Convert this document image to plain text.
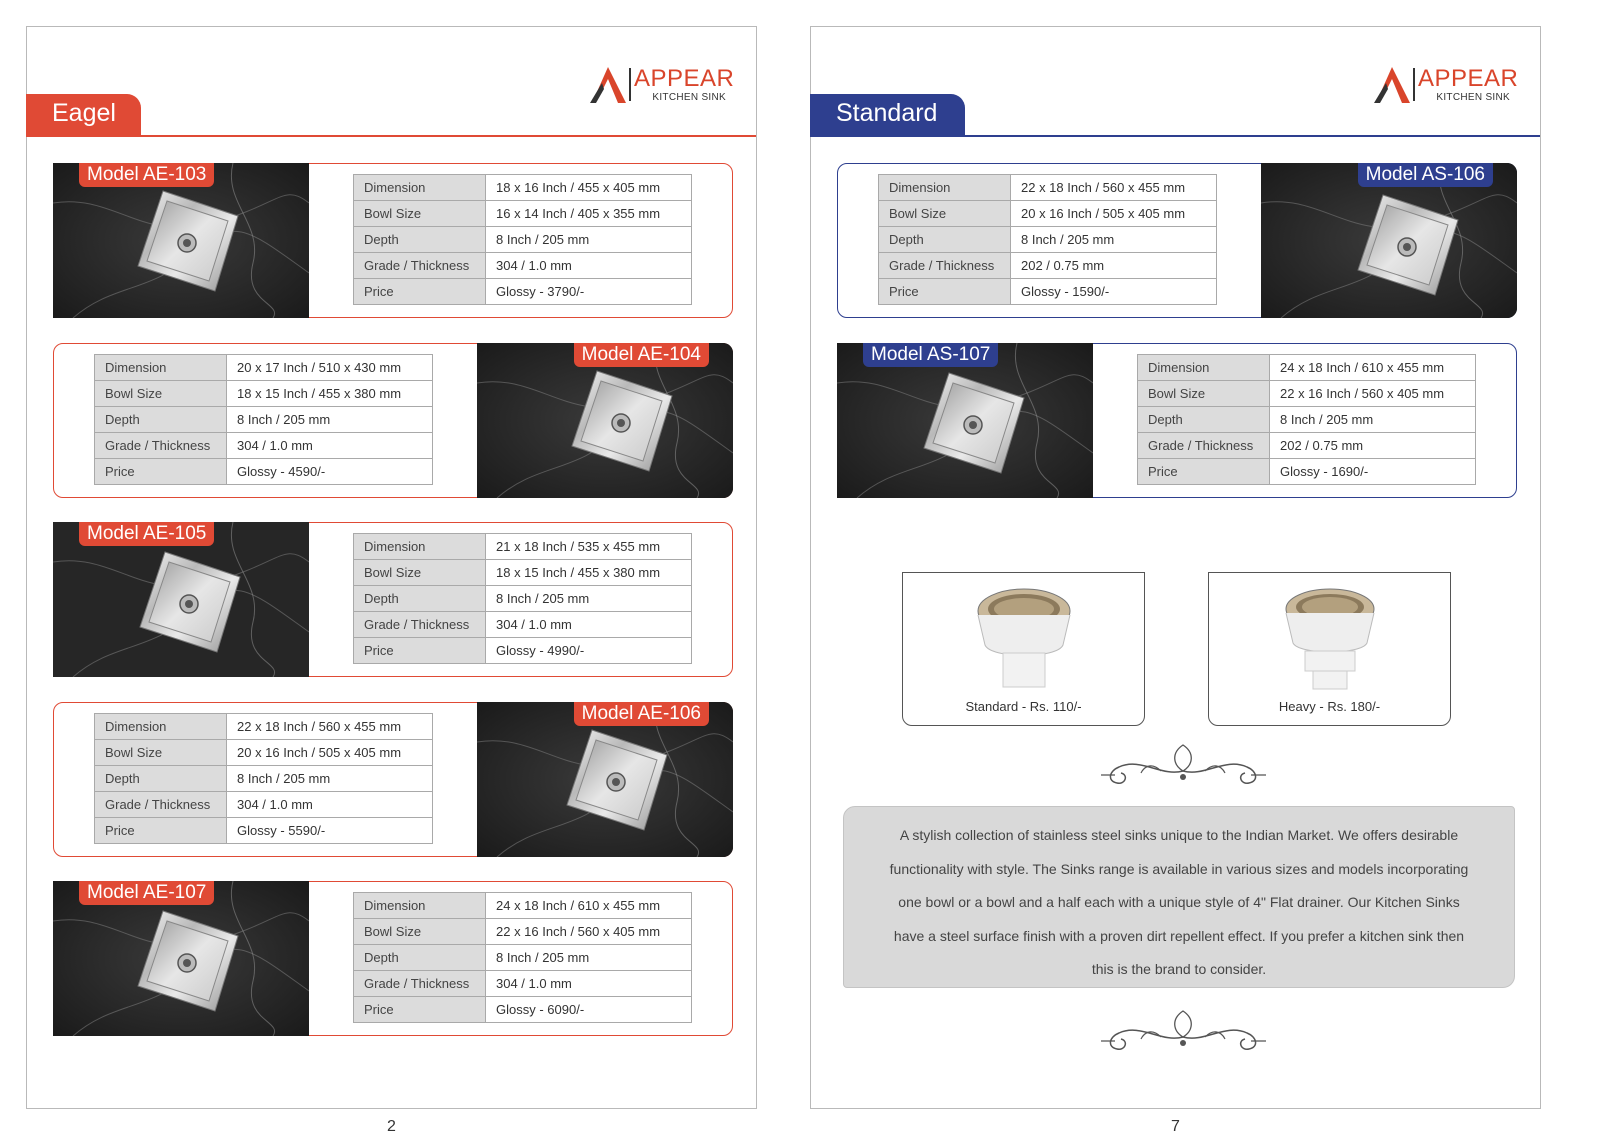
APPEAR
KITCHEN SINK
Eagel
Model AE-103
Dimension	18 x 16 Inch / 455 x 405 mm
Bowl Size	16 x 14 Inch / 405 x 355 mm
Depth	8 Inch / 205 mm
Grade / Thickness	304 / 1.0 mm
Price	Glossy - 3790/-
Dimension	20 x 17 Inch / 510 x 430 mm
Bowl Size	18 x 15 Inch / 455 x 380 mm
Depth	8 Inch / 205 mm
Grade / Thickness	304 / 1.0 mm
Price	Glossy - 4590/-
Model AE-104
Model AE-105
Dimension	21 x 18 Inch / 535 x 455 mm
Bowl Size	18 x 15 Inch / 455 x 380 mm
Depth	8 Inch / 205 mm
Grade / Thickness	304 / 1.0 mm
Price	Glossy - 4990/-
Dimension	22 x 18 Inch / 560 x 455 mm
Bowl Size	20 x 16 Inch / 505 x 405 mm
Depth	8 Inch / 205 mm
Grade / Thickness	304 / 1.0 mm
Price	Glossy - 5590/-
Model AE-106
Model AE-107
Dimension	24 x 18 Inch / 610 x 455 mm
Bowl Size	22 x 16 Inch / 560 x 405 mm
Depth	8 Inch / 205 mm
Grade / Thickness	304 / 1.0 mm
Price	Glossy - 6090/-
2
APPEAR
KITCHEN SINK
Standard
Dimension	22 x 18 Inch / 560 x 455 mm
Bowl Size	20 x 16 Inch / 505 x 405 mm
Depth	8 Inch / 205 mm
Grade / Thickness	202 / 0.75 mm
Price	Glossy - 1590/-
Model AS-106
Model AS-107
Dimension	24 x 18 Inch / 610 x 455 mm
Bowl Size	22 x 16 Inch / 560 x 405 mm
Depth	8 Inch / 205 mm
Grade / Thickness	202 / 0.75 mm
Price	Glossy - 1690/-
Standard - Rs. 110/-	Heavy - Rs. 180/-
A stylish collection of stainless steel sinks unique to the Indian Market. We offers desirable
functionality with style. The Sinks range is available in various sizes and models incorporating
one bowl or a bowl and a half each with a unique style of 4" Flat drainer. Our Kitchen Sinks
have a steel surface finish with a proven dirt repellent effect. If you prefer a kitchen sink then
this is the brand to consider.
7
